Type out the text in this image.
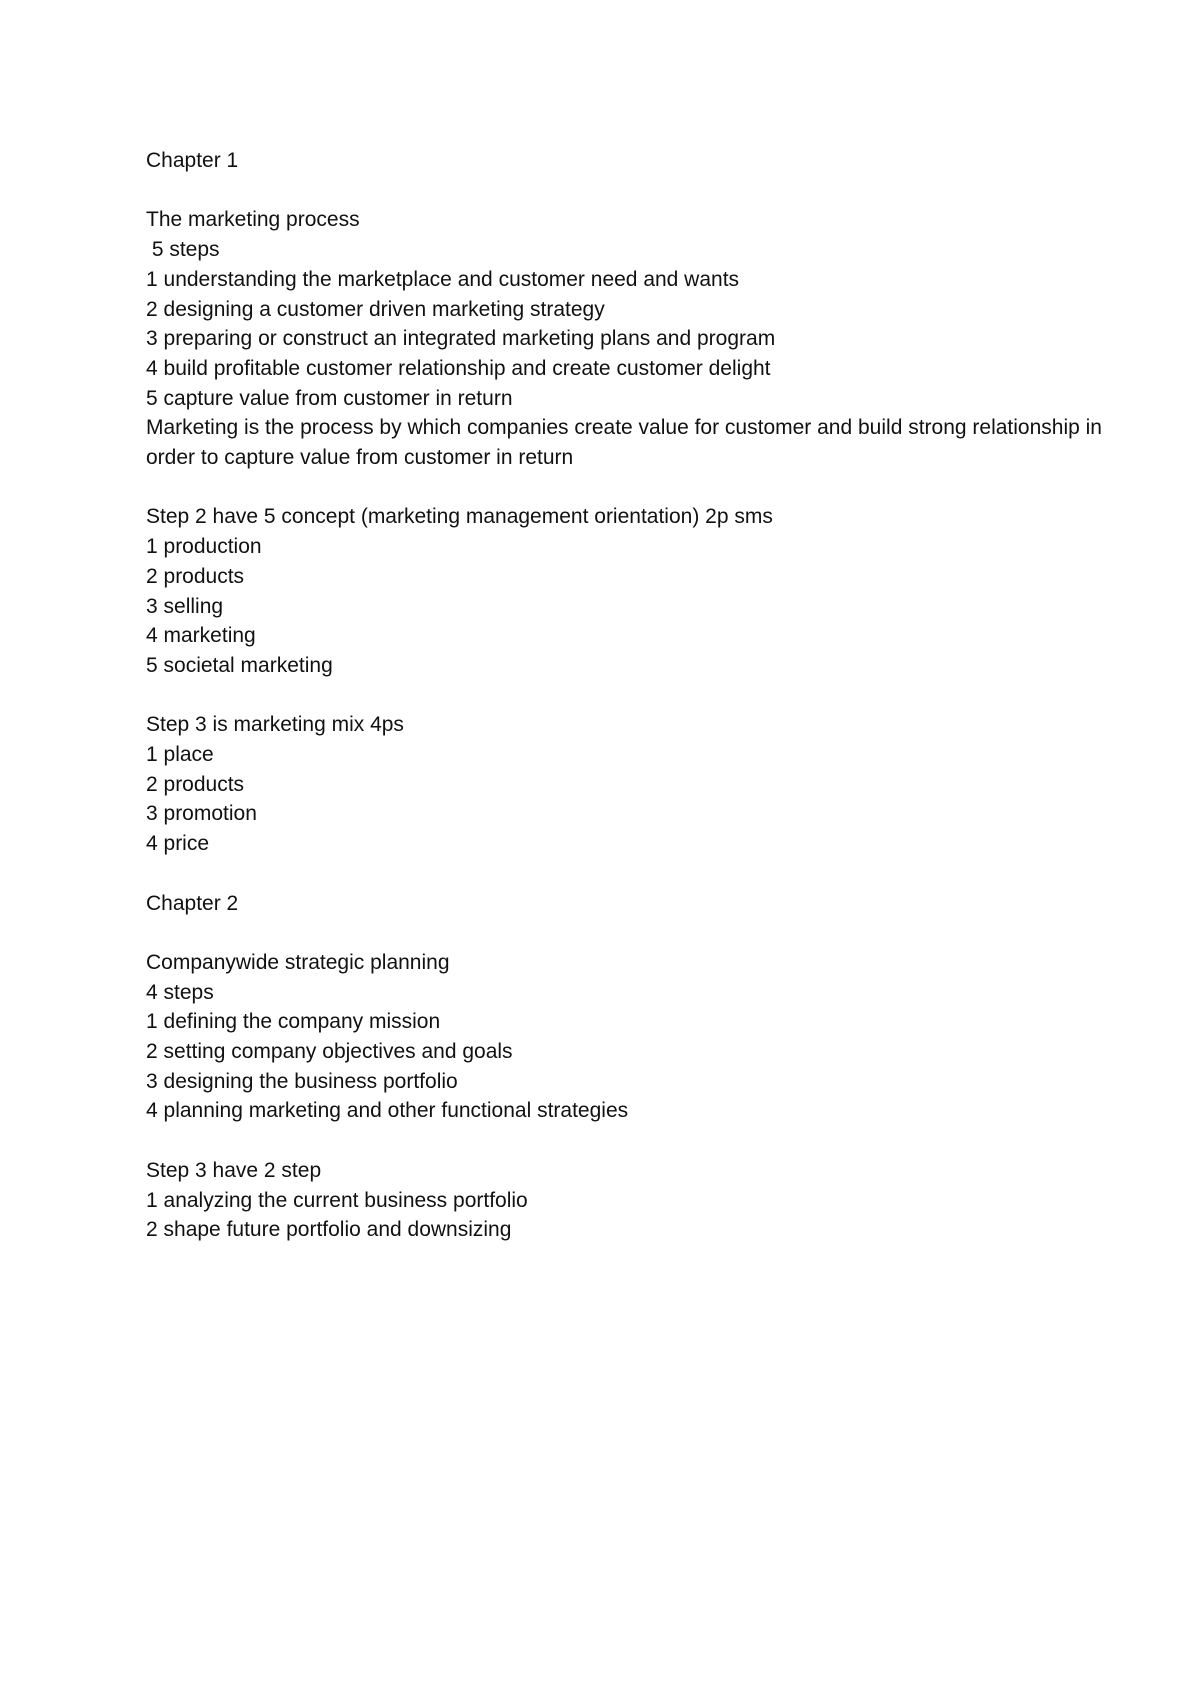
Chapter 1

The marketing process

5 steps

1 understanding the marketplace and customer need and wants

2 designing a customer driven marketing strategy

3 preparing or construct an integrated marketing plans and program

4 build profitable customer relationship and create customer delight

5 capture value from customer in return

Marketing is the process by which companies create value for customer and build strong relationship in order to capture value from customer in return

Step 2 have 5 concept (marketing management orientation) 2p sms

1 production

2 products

3 selling

4 marketing

5 societal marketing

Step 3 is marketing mix 4ps

1 place

2 products

3 promotion

4 price

Chapter 2

Companywide strategic planning

4 steps

1 defining the company mission

2 setting company objectives and goals

3 designing the business portfolio

4 planning marketing and other functional strategies

Step 3 have 2 step

1 analyzing the current business portfolio

2 shape future portfolio and downsizing
